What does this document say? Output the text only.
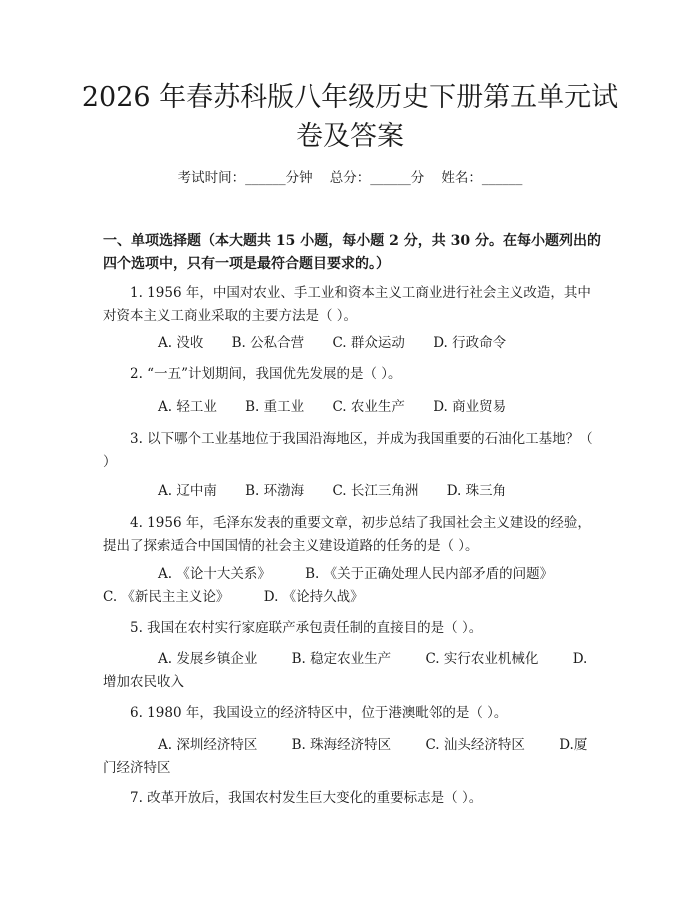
2026 年春苏科版八年级历史下册第五单元试
卷及答案
考试时间：______分钟    总分：______分    姓名：______

一、单项选择题（本大题共 15 小题，每小题 2 分，共 30 分。在每小题列出的四个选项中，只有一项是最符合题目要求的。）

1. 1956 年，中国对农业、手工业和资本主义工商业进行社会主义改造，其中对资本主义工商业采取的主要方法是（ ）。

A. 没收 B. 公私合营 C. 群众运动 D. 行政命令

2. “一五”计划期间，我国优先发展的是（ ）。

A. 轻工业 B. 重工业 C. 农业生产 D. 商业贸易

3. 以下哪个工业基地位于我国沿海地区，并成为我国重要的石油化工基地？（ ）

A. 辽中南 B. 环渤海 C. 长江三角洲 D. 珠三角

4. 1956 年，毛泽东发表的重要文章，初步总结了我国社会主义建设的经验，提出了探索适合中国国情的社会主义建设道路的任务的是（ ）。

A. 《论十大关系》	B. 《关于正确处理人民内部矛盾的问题》 C. 《新民主主义论》	D. 《论持久战》

5. 我国在农村实行家庭联产承包责任制的直接目的是（ ）。

A. 发展乡镇企业	B. 稳定农业生产	C. 实行农业机械化	D. 增加农民收入

6. 1980 年，我国设立的经济特区中，位于港澳毗邻的是（ ）。

A. 深圳经济特区	B. 珠海经济特区	C. 汕头经济特区	D.厦门经济特区

7. 改革开放后，我国农村发生巨大变化的重要标志是（ ）。
